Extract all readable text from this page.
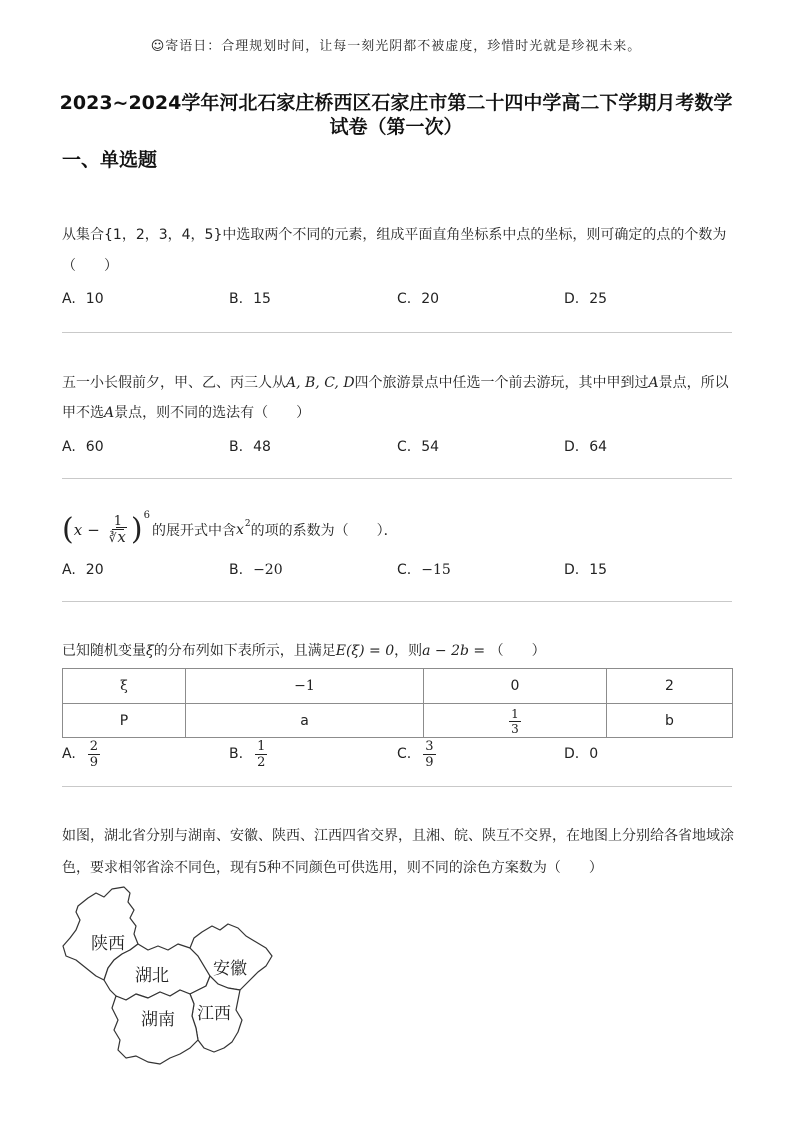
☺寄语日：合理规划时间，让每一刻光阴都不被虚度，珍惜时光就是珍视未来。
2023~2024学年河北石家庄桥西区石家庄市第二十四中学高二下学期月考数学
试卷（第一次）
一、单选题
从集合{1，2，3，4，5}中选取两个不同的元素，组成平面直角坐标系中点的坐标，则可确定的点的个数为
（　　）
A. 10	B. 15	C. 20	D. 25
五一小长假前夕，甲、乙、丙三人从A, B, C, D四个旅游景点中任选一个前去游玩，其中甲到过A景点，所以
甲不选A景点，则不同的选法有（　　）
A. 60	B. 48	C. 54	D. 64
( $x - \frac{1}{∛x}$ ) 6
的展开式中含 x 2 的项的系数为（　　）．
A. 20	B. −20	C. −15	D. 15
已知随机变量ξ的分布列如下表所示，且满足E(ξ) = 0，则a − 2b = （　　）
ξ	−1	0	2
P	a	$\frac{1}{3}$	b
A. $\frac{2}{9}$	B. $\frac{1}{2}$	C. $\frac{3}{9}$	D. 0
如图，湖北省分别与湖南、安徽、陕西、江西四省交界，且湘、皖、陕互不交界，在地图上分别给各省地域涂
色，要求相邻省涂不同色，现有5种不同颜色可供选用，则不同的涂色方案数为（　　）
陕西
湖北	安徽
湖南 江西
